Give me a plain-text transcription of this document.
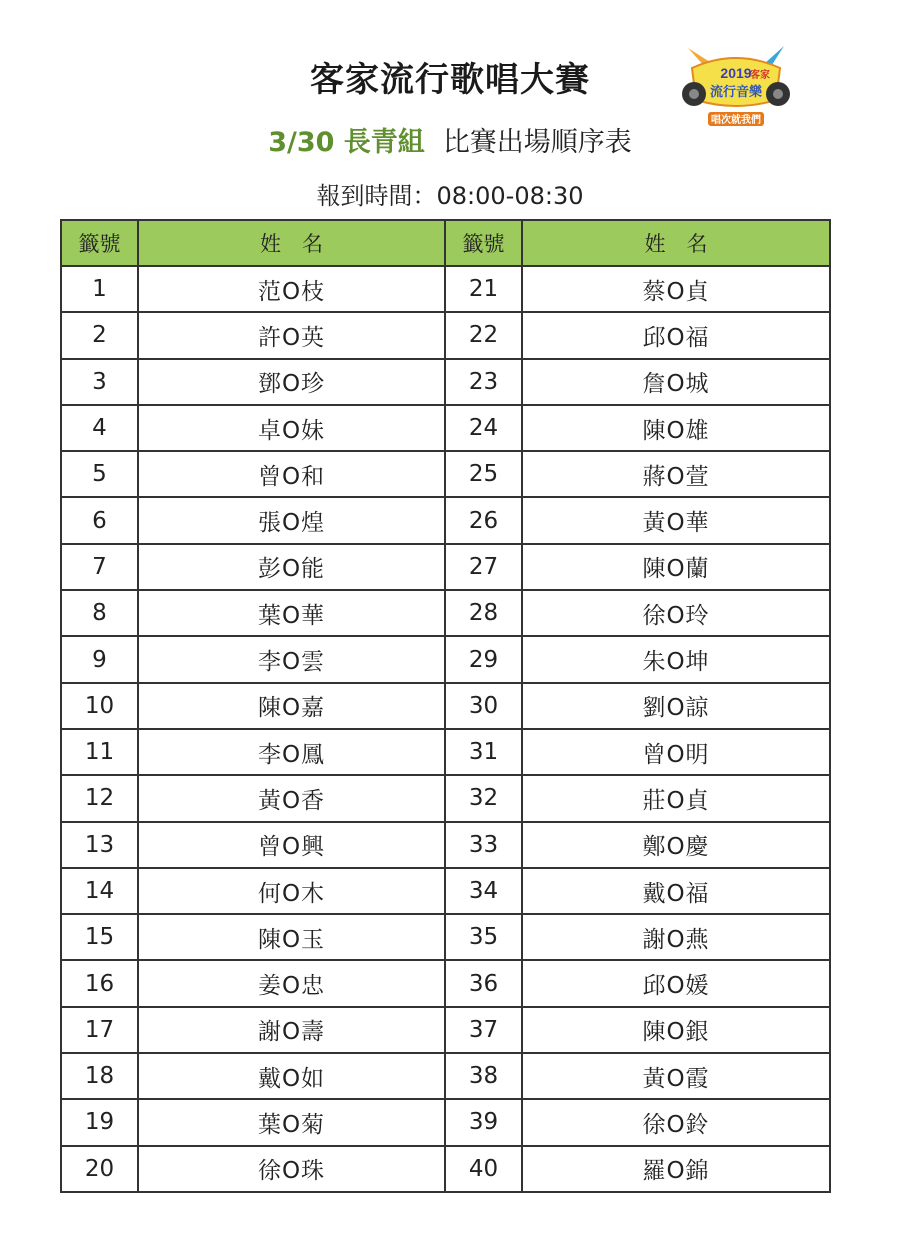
客家流行歌唱大賽
3/30 長青組 比賽出場順序表
報到時間：08:00-08:30
2019
客家
流行音樂
唱次就我們
籤號	姓　名	籤號	姓　名
1	范O枝	21	蔡O貞
2	許O英	22	邱O福
3	鄧O珍	23	詹O城
4	卓O妹	24	陳O雄
5	曾O和	25	蔣O萱
6	張O煌	26	黃O華
7	彭O能	27	陳O蘭
8	葉O華	28	徐O玲
9	李O雲	29	朱O坤
10	陳O嘉	30	劉O諒
11	李O鳳	31	曾O明
12	黃O香	32	莊O貞
13	曾O興	33	鄭O慶
14	何O木	34	戴O福
15	陳O玉	35	謝O燕
16	姜O忠	36	邱O媛
17	謝O壽	37	陳O銀
18	戴O如	38	黃O霞
19	葉O菊	39	徐O鈴
20	徐O珠	40	羅O錦
